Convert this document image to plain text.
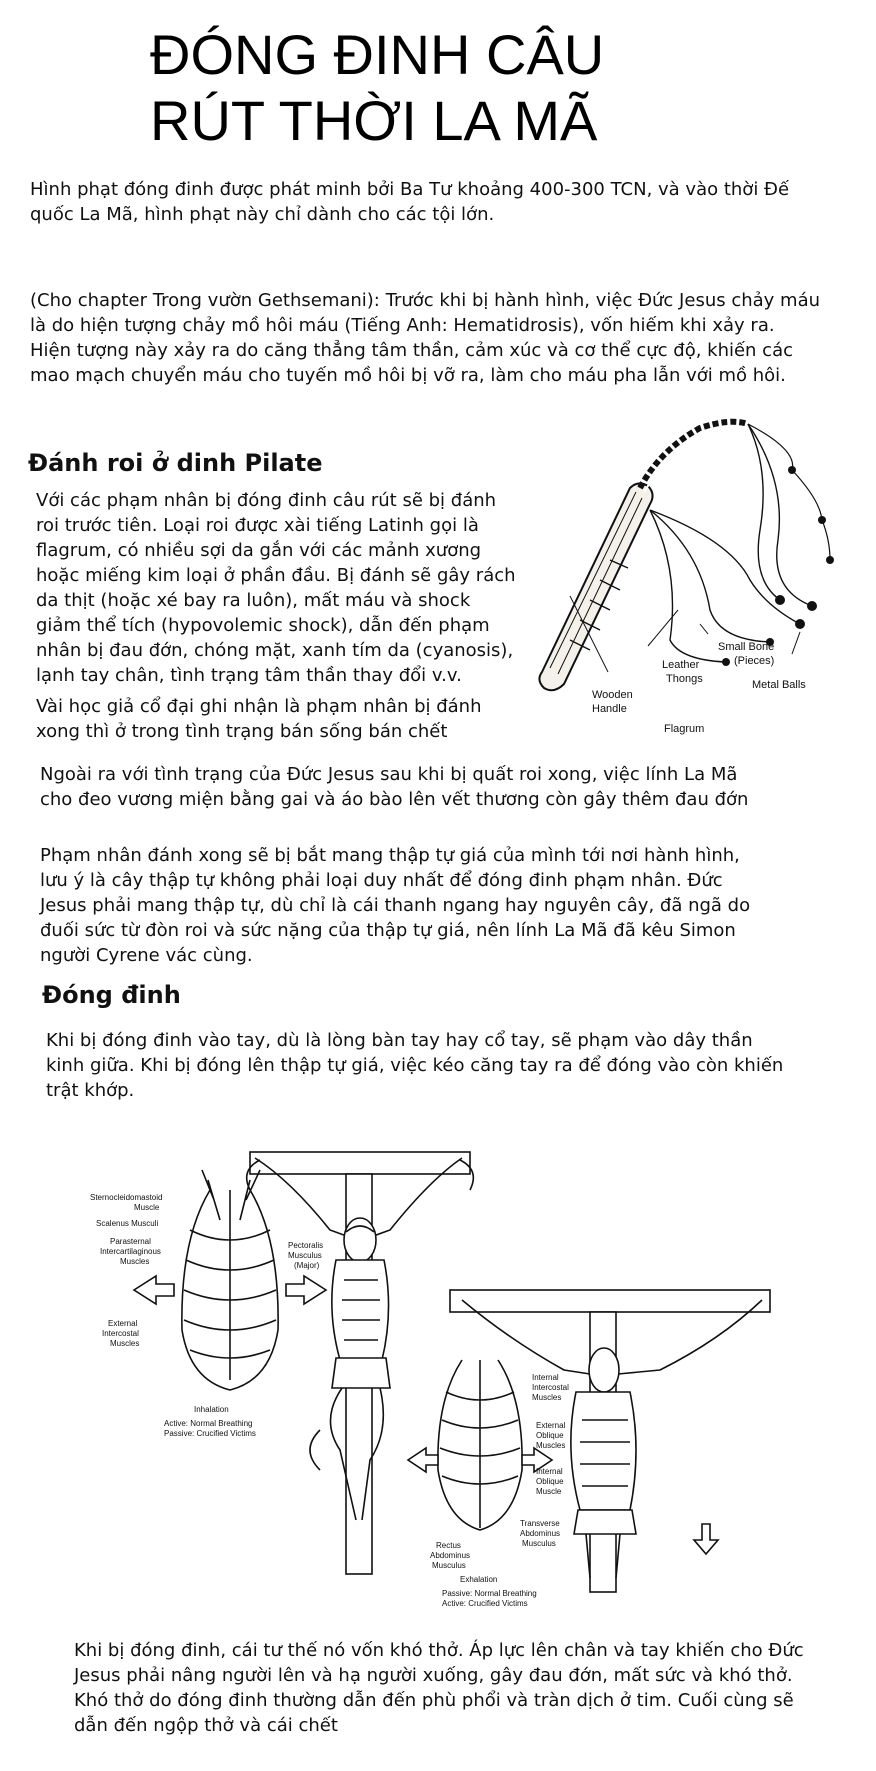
ĐÓNG ĐINH CÂU
RÚT THỜI LA MÃ

Hình phạt đóng đinh được phát minh bởi Ba Tư khoảng 400-300 TCN, và vào thời Đế quốc La Mã, hình phạt này chỉ dành cho các tội lớn.

(Cho chapter Trong vườn Gethsemani): Trước khi bị hành hình, việc Đức Jesus chảy máu là do hiện tượng chảy mồ hôi máu (Tiếng Anh: Hematidrosis), vốn hiếm khi xảy ra. Hiện tượng này xảy ra do căng thẳng tâm thần, cảm xúc và cơ thể cực độ, khiến các mao mạch chuyển máu cho tuyến mồ hôi bị vỡ ra, làm cho máu pha lẫn với mồ hôi.

Đánh roi ở dinh Pilate

Với các phạm nhân bị đóng đinh câu rút sẽ bị đánh roi trước tiên. Loại roi được xài tiếng Latinh gọi là flagrum, có nhiều sợi da gắn với các mảnh xương hoặc miếng kim loại ở phần đầu. Bị đánh sẽ gây rách da thịt (hoặc xé bay ra luôn), mất máu và shock giảm thể tích (hypovolemic shock), dẫn đến phạm nhân bị đau đớn, chóng mặt, xanh tím da (cyanosis), lạnh tay chân, tình trạng tâm thần thay đổi v.v.

Vài học giả cổ đại ghi nhận là phạm nhân bị đánh xong thì ở trong tình trạng bán sống bán chết

Small Bone
(Pieces)
Wooden
Handle
Leather
Thongs	Metal Balls
Flagrum

Ngoài ra với tình trạng của Đức Jesus sau khi bị quất roi xong, việc lính La Mã cho đeo vương miện bằng gai và áo bào lên vết thương còn gây thêm đau đớn

Phạm nhân đánh xong sẽ bị bắt mang thập tự giá của mình tới nơi hành hình, lưu ý là cây thập tự không phải loại duy nhất để đóng đinh phạm nhân. Đức Jesus phải mang thập tự, dù chỉ là cái thanh ngang hay nguyên cây, đã ngã do đuối sức từ đòn roi và sức nặng của thập tự giá, nên lính La Mã đã kêu Simon người Cyrene vác cùng.

Đóng đinh

Khi bị đóng đinh vào tay, dù là lòng bàn tay hay cổ tay, sẽ phạm vào dây thần kinh giữa. Khi bị đóng lên thập tự giá, việc kéo căng tay ra để đóng vào còn khiến trật khớp.

Sternocleidomastoid
Muscle
Scalenus Musculi
Parasternal
Intercartilaginous
Muscles
Pectoralis
Musculus
(Major)
External
Intercostal
Muscles
Inhalation
Active: Normal Breathing
Passive: Crucified Victims
Internal
Intercostal
Muscles
External
Oblique
Muscles
Internal
Oblique
Muscle
Rectus
Abdominus
Musculus
Transverse
Abdominus
Musculus
Exhalation
Passive: Normal Breathing
Active: Crucified Victims

Khi bị đóng đinh, cái tư thế nó vốn khó thở. Áp lực lên chân và tay khiến cho Đức Jesus phải nâng người lên và hạ người xuống, gây đau đớn, mất sức và khó thở. Khó thở do đóng đinh thường dẫn đến phù phổi và tràn dịch ở tim. Cuối cùng sẽ dẫn đến ngộp thở và cái chết
